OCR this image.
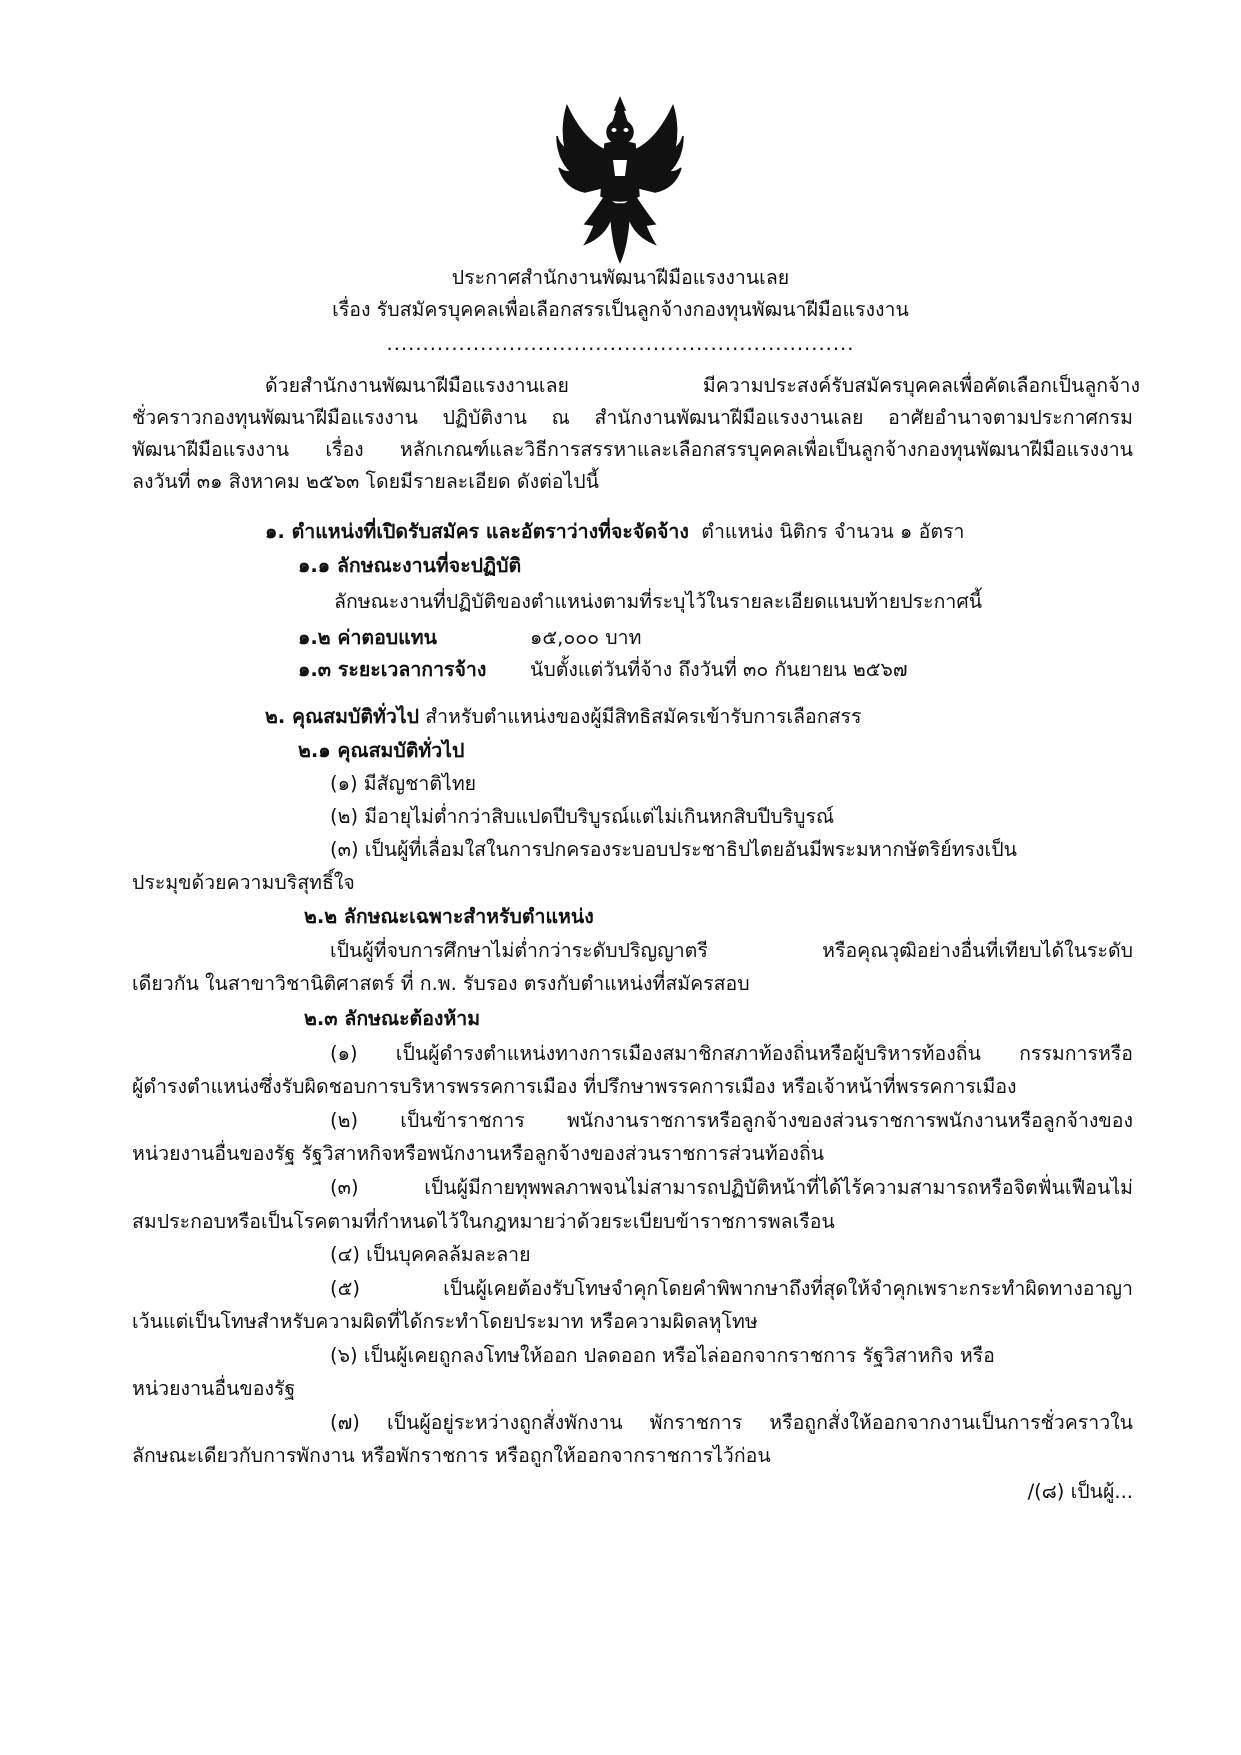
ประกาศสำนักงานพัฒนาฝีมือแรงงานเลย
เรื่อง รับสมัครบุคคลเพื่อเลือกสรรเป็นลูกจ้างกองทุนพัฒนาฝีมือแรงงาน
.................................................................
ด้วยสำนักงานพัฒนาฝีมือแรงงานเลย มีความประสงค์รับสมัครบุคคลเพื่อคัดเลือกเป็นลูกจ้าง
ชั่วคราวกองทุนพัฒนาฝีมือแรงงาน ปฏิบัติงาน ณ สำนักงานพัฒนาฝีมือแรงงานเลย อาศัยอำนาจตามประกาศกรม
พัฒนาฝีมือแรงงาน เรื่อง หลักเกณฑ์และวิธีการสรรหาและเลือกสรรบุคคลเพื่อเป็นลูกจ้างกองทุนพัฒนาฝีมือแรงงาน
ลงวันที่ ๓๑ สิงหาคม ๒๕๖๓ โดยมีรายละเอียด ดังต่อไปนี้
๑. ตำแหน่งที่เปิดรับสมัคร และอัตราว่างที่จะจัดจ้าง ตำแหน่ง นิติกร จำนวน ๑ อัตรา
๑.๑ ลักษณะงานที่จะปฏิบัติ
ลักษณะงานที่ปฏิบัติของตำแหน่งตามที่ระบุไว้ในรายละเอียดแนบท้ายประกาศนี้
๑.๒ ค่าตอบแทน	๑๕,๐๐๐ บาท
๑.๓ ระยะเวลาการจ้าง นับตั้งแต่วันที่จ้าง ถึงวันที่ ๓๐ กันยายน ๒๕๖๗
๒. คุณสมบัติทั่วไป สำหรับตำแหน่งของผู้มีสิทธิสมัครเข้ารับการเลือกสรร
๒.๑ คุณสมบัติทั่วไป
(๑) มีสัญชาติไทย
(๒) มีอายุไม่ต่ำกว่าสิบแปดปีบริบูรณ์แต่ไม่เกินหกสิบปีบริบูรณ์
(๓) เป็นผู้ที่เลื่อมใสในการปกครองระบอบประชาธิปไตยอันมีพระมหากษัตริย์ทรงเป็น
ประมุขด้วยความบริสุทธิ์ใจ
๒.๒ ลักษณะเฉพาะสำหรับตำแหน่ง
เป็นผู้ที่จบการศึกษาไม่ต่ำกว่าระดับปริญญาตรี หรือคุณวุฒิอย่างอื่นที่เทียบได้ในระดับ
เดียวกัน ในสาขาวิชานิติศาสตร์ ที่ ก.พ. รับรอง ตรงกับตำแหน่งที่สมัครสอบ
๒.๓ ลักษณะต้องห้าม
(๑) เป็นผู้ดำรงตำแหน่งทางการเมืองสมาชิกสภาท้องถิ่นหรือผู้บริหารท้องถิ่น กรรมการหรือ
ผู้ดำรงตำแหน่งซึ่งรับผิดชอบการบริหารพรรคการเมือง ที่ปรึกษาพรรคการเมือง หรือเจ้าหน้าที่พรรคการเมือง
(๒) เป็นข้าราชการ พนักงานราชการหรือลูกจ้างของส่วนราชการพนักงานหรือลูกจ้างของ
หน่วยงานอื่นของรัฐ รัฐวิสาหกิจหรือพนักงานหรือลูกจ้างของส่วนราชการส่วนท้องถิ่น
(๓) เป็นผู้มีกายทุพพลภาพจนไม่สามารถปฏิบัติหน้าที่ได้ไร้ความสามารถหรือจิตฟั่นเฟือนไม่
สมประกอบหรือเป็นโรคตามที่กำหนดไว้ในกฎหมายว่าด้วยระเบียบข้าราชการพลเรือน
(๔) เป็นบุคคลล้มละลาย
(๕) เป็นผู้เคยต้องรับโทษจำคุกโดยคำพิพากษาถึงที่สุดให้จำคุกเพราะกระทำผิดทางอาญา
เว้นแต่เป็นโทษสำหรับความผิดที่ได้กระทำโดยประมาท หรือความผิดลหุโทษ
(๖) เป็นผู้เคยถูกลงโทษให้ออก ปลดออก หรือไล่ออกจากราชการ รัฐวิสาหกิจ หรือ
หน่วยงานอื่นของรัฐ
(๗) เป็นผู้อยู่ระหว่างถูกสั่งพักงาน พักราชการ หรือถูกสั่งให้ออกจากงานเป็นการชั่วคราวใน
ลักษณะเดียวกับการพักงาน หรือพักราชการ หรือถูกให้ออกจากราชการไว้ก่อน
/(๘) เป็นผู้...
